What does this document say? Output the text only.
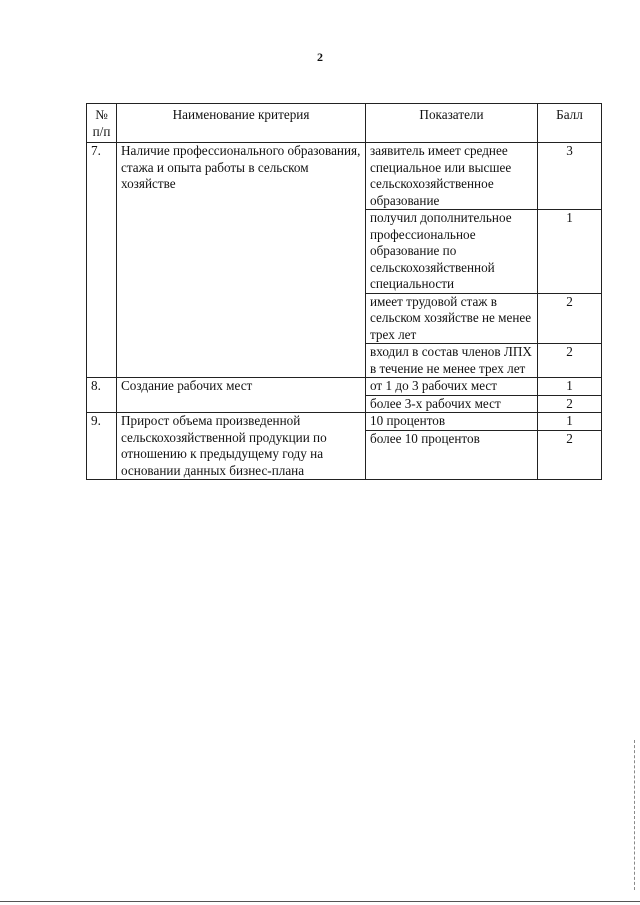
2
№ п/п	Наименование критерия	Показатели	Балл
7.	Наличие профессионального образования, стажа и опыта работы в сельском хозяйстве	заявитель имеет среднее специальное или высшее сельскохозяйственное образование	3
		получил дополнительное профессиональное образование по сельскохозяйственной специальности	1
		имеет трудовой стаж в сельском хозяйстве не менее трех лет	2
		входил в состав членов ЛПХ в течение не менее трех лет	2
8.	Создание рабочих мест	от 1 до 3 рабочих мест	1
		более 3-х рабочих мест	2
9.	Прирост объема произведенной сельскохозяйственной продукции по отношению к предыдущему году на основании данных бизнес-плана	10 процентов	1
		более 10 процентов	2
